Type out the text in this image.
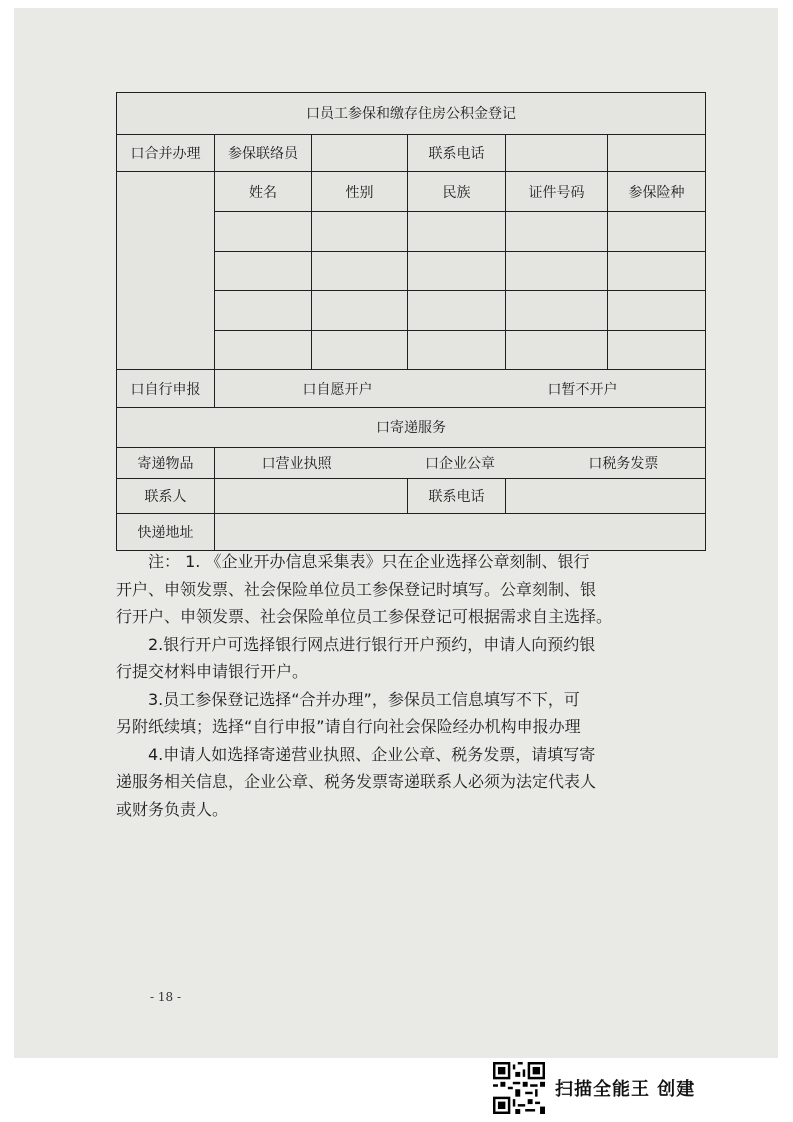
口员工参保和缴存住房公积金登记					
口合并办理	参保联络员		联系电话		
	姓名	性别	民族	证件号码	参保险种

口自行申报	口自愿开户 口暂不开户				

口寄递服务					
寄递物品	口营业执照 口企业公章 口税务发票				

联系人			联系电话		
快递地址					

注： 1. 《企业开办信息采集表》只在企业选择公章刻制、银行

开户、申领发票、社会保险单位员工参保登记时填写。公章刻制、银

行开户、申领发票、社会保险单位员工参保登记可根据需求自主选择。

2.银行开户可选择银行网点进行银行开户预约，申请人向预约银

行提交材料申请银行开户。

3.员工参保登记选择“合并办理”，参保员工信息填写不下，可

另附纸续填；选择“自行申报”请自行向社会保险经办机构申报办理

4.申请人如选择寄递营业执照、企业公章、税务发票，请填写寄

递服务相关信息，企业公章、税务发票寄递联系人必须为法定代表人

或财务负责人。

- 18 -
扫描全能王 创建
